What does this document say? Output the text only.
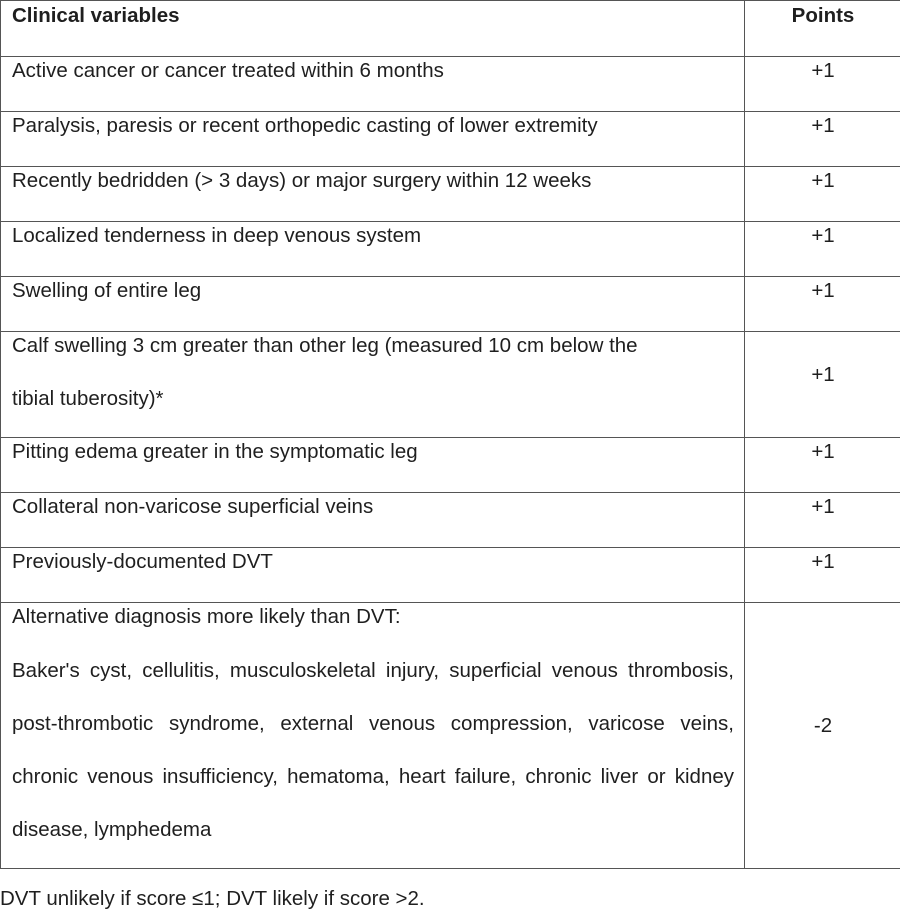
Clinical variables	Points
Active cancer or cancer treated within 6 months	+1
Paralysis, paresis or recent orthopedic casting of lower extremity	+1
Recently bedridden (> 3 days) or major surgery within 12 weeks	+1
Localized tenderness in deep venous system	+1
Swelling of entire leg	+1

Calf swelling 3 cm greater than other leg (measured 10 cm below the
tibial tuberosity)*	+1
Pitting edema greater in the symptomatic leg	+1
Collateral non-varicose superficial veins	+1
Previously-documented DVT	+1

Alternative diagnosis more likely than DVT:
Baker's cyst, cellulitis, musculoskeletal injury, superficial venous thrombosis, post-thrombotic syndrome, external venous compression, varicose veins, chronic venous insufficiency, hematoma, heart failure, chronic liver or kidney disease, lymphedema	-2
DVT unlikely if score ≤1; DVT likely if score >2.
